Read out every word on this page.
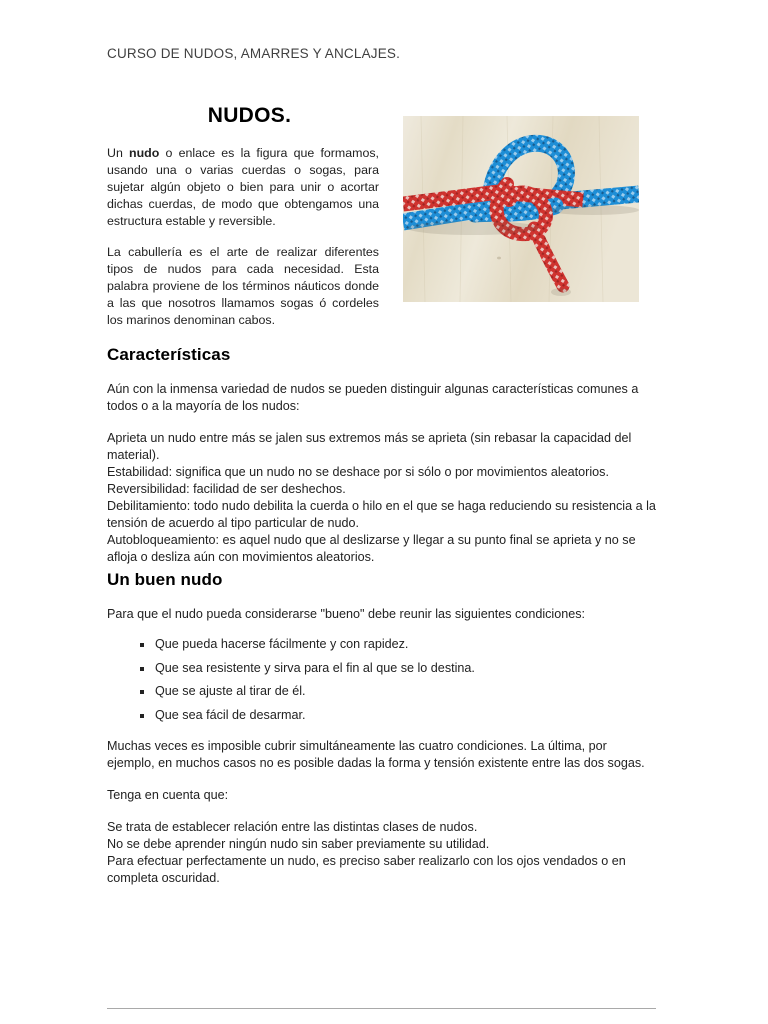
CURSO DE NUDOS, AMARRES Y ANCLAJES.
NUDOS.

Un nudo o enlace es la figura que formamos, usando una o varias cuerdas o sogas, para sujetar algún objeto o bien para unir o acortar dichas cuerdas, de modo que obtengamos una estructura estable y reversible.

La cabullería es el arte de realizar diferentes tipos de nudos para cada necesidad. Esta palabra proviene de los términos náuticos donde a las que nosotros llamamos sogas ó cordeles los marinos denominan cabos.

Características

Aún con la inmensa variedad de nudos se pueden distinguir algunas características comunes a todos o a la mayoría de los nudos:

Aprieta un nudo entre más se jalen sus extremos más se aprieta (sin rebasar la capacidad del material).

Estabilidad: significa que un nudo no se deshace por si sólo o por movimientos aleatorios.

Reversibilidad: facilidad de ser deshechos.

Debilitamiento: todo nudo debilita la cuerda o hilo en el que se haga reduciendo su resistencia a la tensión de acuerdo al tipo particular de nudo.

Autobloqueamiento: es aquel nudo que al deslizarse y llegar a su punto final se aprieta y no se afloja o desliza aún con movimientos aleatorios.

Un buen nudo

Para que el nudo pueda considerarse "bueno" debe reunir las siguientes condiciones:

Que pueda hacerse fácilmente y con rapidez.
Que sea resistente y sirva para el fin al que se lo destina.
Que se ajuste al tirar de él.
Que sea fácil de desarmar.

Muchas veces es imposible cubrir simultáneamente las cuatro condiciones. La última, por ejemplo, en muchos casos no es posible dadas la forma y tensión existente entre las dos sogas.

Tenga en cuenta que:

Se trata de establecer relación entre las distintas clases de nudos.

No se debe aprender ningún nudo sin saber previamente su utilidad.

Para efectuar perfectamente un nudo, es preciso saber realizarlo con los ojos vendados o en completa oscuridad.
